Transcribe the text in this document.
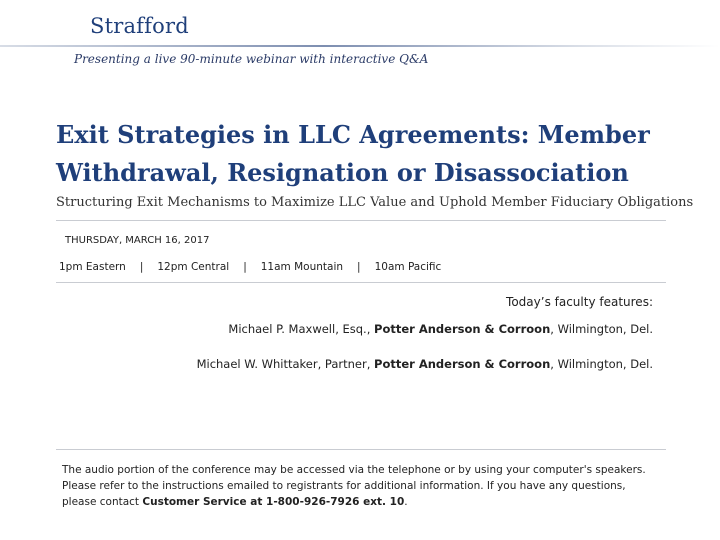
Strafford
Presenting a live 90-minute webinar with interactive Q&A
Exit Strategies in LLC Agreements: Member Withdrawal, Resignation or Disassociation
Structuring Exit Mechanisms to Maximize LLC Value and Uphold Member Fiduciary Obligations
THURSDAY, MARCH 16, 2017
1pm Eastern | 12pm Central | 11am Mountain | 10am Pacific
Today’s faculty features:
Michael P. Maxwell, Esq., Potter Anderson & Corroon, Wilmington, Del.
Michael W. Whittaker, Partner, Potter Anderson & Corroon, Wilmington, Del.
The audio portion of the conference may be accessed via the telephone or by using your computer's speakers. Please refer to the instructions emailed to registrants for additional information. If you have any questions, please contact Customer Service at 1-800-926-7926 ext. 10.
